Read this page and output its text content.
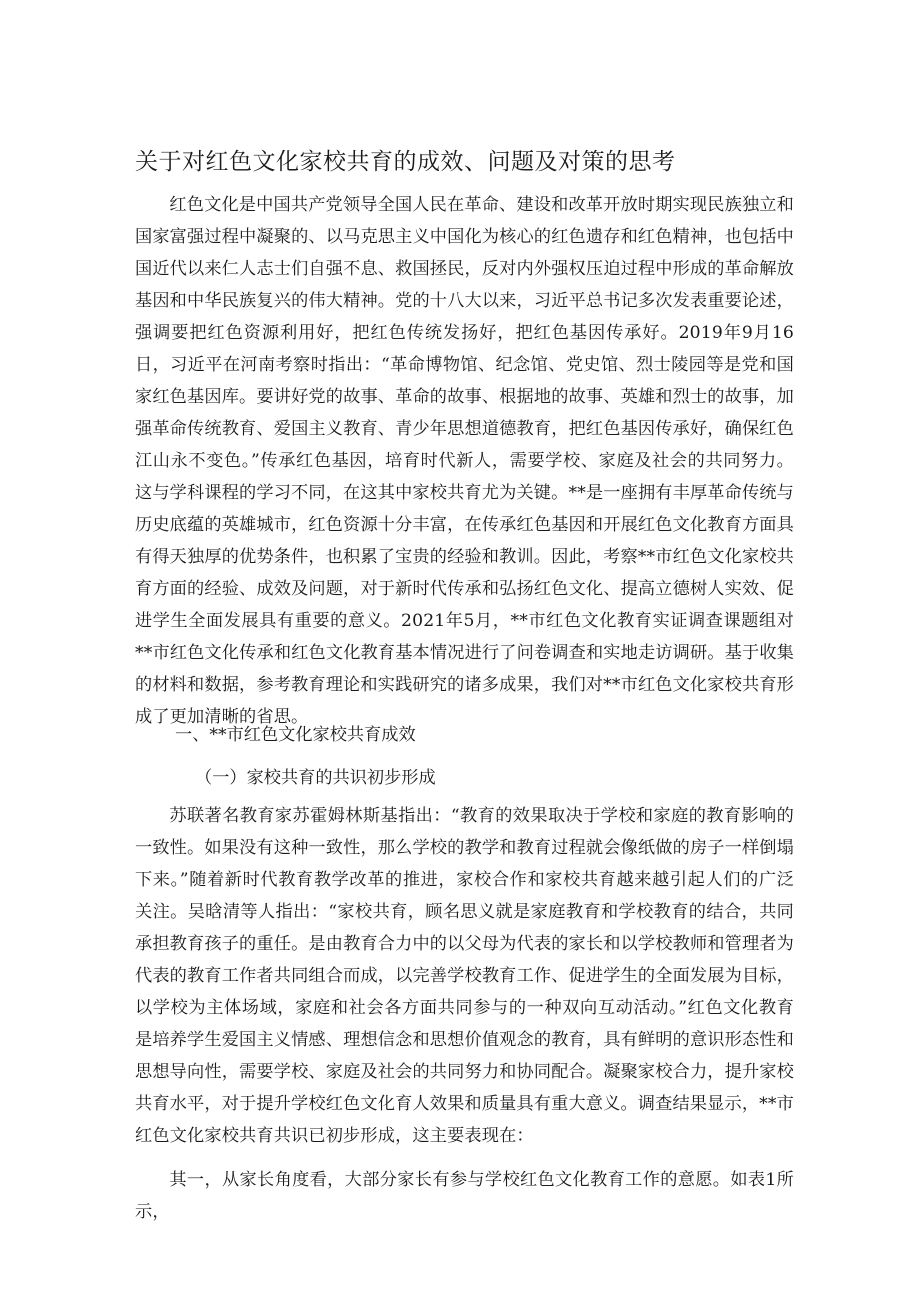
关于对红色文化家校共育的成效、问题及对策的思考

红色文化是中国共产党领导全国人民在革命、建设和改革开放时期实现民族独立和国家富强过程中凝聚的、以马克思主义中国化为核心的红色遗存和红色精神，也包括中国近代以来仁人志士们自强不息、救国拯民，反对内外强权压迫过程中形成的革命解放基因和中华民族复兴的伟大精神。党的十八大以来，习近平总书记多次发表重要论述，强调要把红色资源利用好，把红色传统发扬好，把红色基因传承好。2019年9月16日，习近平在河南考察时指出：“革命博物馆、纪念馆、党史馆、烈士陵园等是党和国家红色基因库。要讲好党的故事、革命的故事、根据地的故事、英雄和烈士的故事，加强革命传统教育、爱国主义教育、青少年思想道德教育，把红色基因传承好，确保红色江山永不变色。”传承红色基因，培育时代新人，需要学校、家庭及社会的共同努力。这与学科课程的学习不同，在这其中家校共育尤为关键。**是一座拥有丰厚革命传统与历史底蕴的英雄城市，红色资源十分丰富，在传承红色基因和开展红色文化教育方面具有得天独厚的优势条件，也积累了宝贵的经验和教训。因此，考察**市红色文化家校共育方面的经验、成效及问题，对于新时代传承和弘扬红色文化、提高立德树人实效、促进学生全面发展具有重要的意义。2021年5月，**市红色文化教育实证调查课题组对**市红色文化传承和红色文化教育基本情况进行了问卷调查和实地走访调研。基于收集的材料和数据，参考教育理论和实践研究的诸多成果，我们对**市红色文化家校共育形成了更加清晰的省思。

一、**市红色文化家校共育成效
（一）家校共育的共识初步形成

苏联著名教育家苏霍姆林斯基指出：“教育的效果取决于学校和家庭的教育影响的一致性。如果没有这种一致性，那么学校的教学和教育过程就会像纸做的房子一样倒塌下来。”随着新时代教育教学改革的推进，家校合作和家校共育越来越引起人们的广泛关注。吴晗清等人指出：“家校共育，顾名思义就是家庭教育和学校教育的结合，共同承担教育孩子的重任。是由教育合力中的以父母为代表的家长和以学校教师和管理者为代表的教育工作者共同组合而成，以完善学校教育工作、促进学生的全面发展为目标，以学校为主体场域，家庭和社会各方面共同参与的一种双向互动活动。”红色文化教育是培养学生爱国主义情感、理想信念和思想价值观念的教育，具有鲜明的意识形态性和思想导向性，需要学校、家庭及社会的共同努力和协同配合。凝聚家校合力，提升家校共育水平，对于提升学校红色文化育人效果和质量具有重大意义。调查结果显示，**市红色文化家校共育共识已初步形成，这主要表现在：

其一，从家长角度看，大部分家长有参与学校红色文化教育工作的意愿。如表1所示，
